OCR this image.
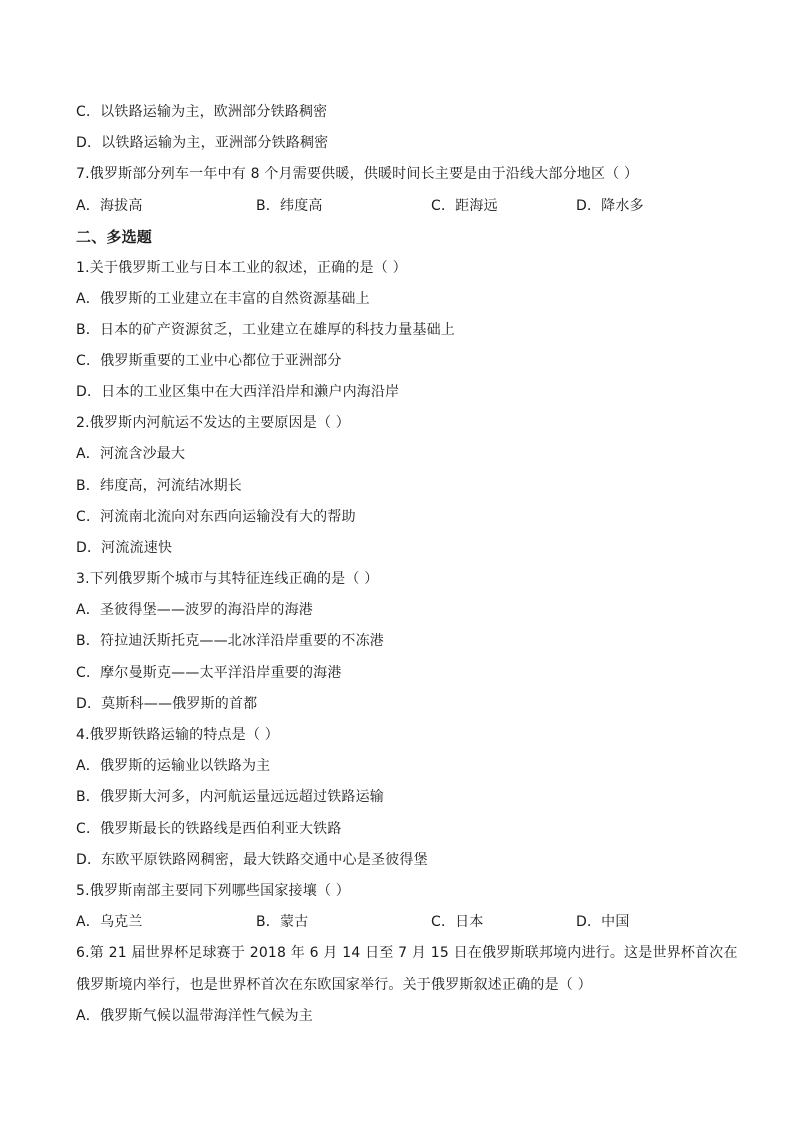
C．以铁路运输为主，欧洲部分铁路稠密
D．以铁路运输为主，亚洲部分铁路稠密
7.俄罗斯部分列车一年中有 8 个月需要供暖，供暖时间长主要是由于沿线大部分地区（ ）
A．海拔高	B．纬度高	C．距海远	D．降水多
二、多选题
1.关于俄罗斯工业与日本工业的叙述，正确的是（ ）
A．俄罗斯的工业建立在丰富的自然资源基础上
B．日本的矿产资源贫乏，工业建立在雄厚的科技力量基础上
C．俄罗斯重要的工业中心都位于亚洲部分
D．日本的工业区集中在大西洋沿岸和濑户内海沿岸
2.俄罗斯内河航运不发达的主要原因是（ ）
A．河流含沙最大
B．纬度高，河流结冰期长
C．河流南北流向对东西向运输没有大的帮助
D．河流流速快
3.下列俄罗斯个城市与其特征连线正确的是（ ）
A．圣彼得堡——波罗的海沿岸的海港
B．符拉迪沃斯托克——北冰洋沿岸重要的不冻港
C．摩尔曼斯克——太平洋沿岸重要的海港
D．莫斯科——俄罗斯的首都
4.俄罗斯铁路运输的特点是（ ）
A．俄罗斯的运输业以铁路为主
B．俄罗斯大河多，内河航运量远远超过铁路运输
C．俄罗斯最长的铁路线是西伯利亚大铁路
D．东欧平原铁路网稠密，最大铁路交通中心是圣彼得堡
5.俄罗斯南部主要同下列哪些国家接壤（ ）
A．乌克兰	B．蒙古	C．日本	D．中国
6.第 21 届世界杯足球赛于 2018 年 6 月 14 日至 7 月 15 日在俄罗斯联邦境内进行。这是世界杯首次在
俄罗斯境内举行，也是世界杯首次在东欧国家举行。关于俄罗斯叙述正确的是（ ）
A．俄罗斯气候以温带海洋性气候为主
